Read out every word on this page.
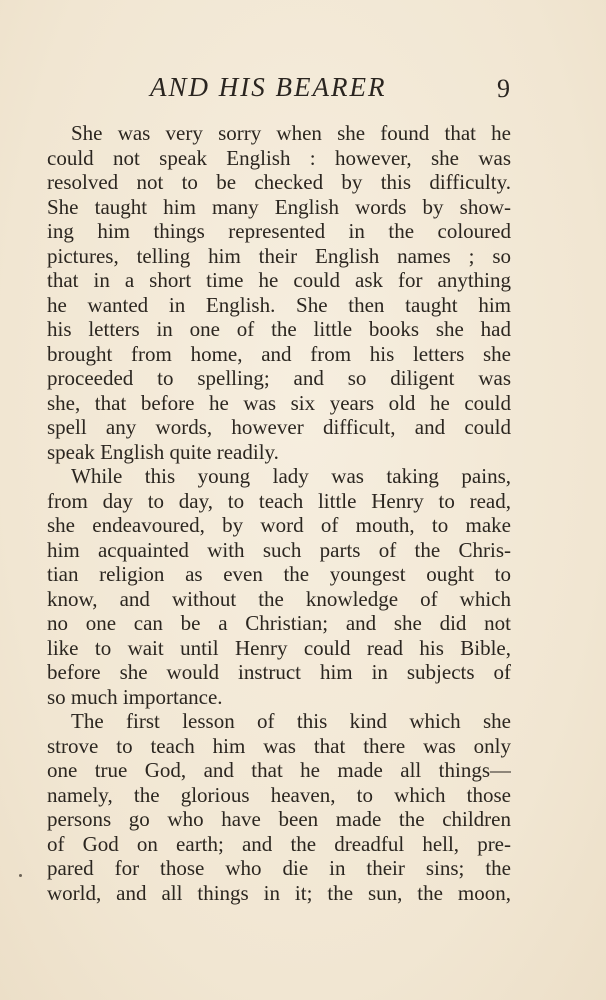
AND HIS BEARER	9
She was very sorry when she found that he
could not speak English : however, she was
resolved not to be checked by this difficulty.
She taught him many English words by show-
ing him things represented in the coloured
pictures, telling him their English names ; so
that in a short time he could ask for anything
he wanted in English. She then taught him
his letters in one of the little books she had
brought from home, and from his letters she
proceeded to spelling; and so diligent was
she, that before he was six years old he could
spell any words, however difficult, and could
speak English quite readily.
While this young lady was taking pains,
from day to day, to teach little Henry to read,
she endeavoured, by word of mouth, to make
him acquainted with such parts of the Chris-
tian religion as even the youngest ought to
know, and without the knowledge of which
no one can be a Christian; and she did not
like to wait until Henry could read his Bible,
before she would instruct him in subjects of
so much importance.
The first lesson of this kind which she
strove to teach him was that there was only
one true God, and that he made all things—
namely, the glorious heaven, to which those
persons go who have been made the children
of God on earth; and the dreadful hell, pre-
pared for those who die in their sins; the
world, and all things in it; the sun, the moon,
